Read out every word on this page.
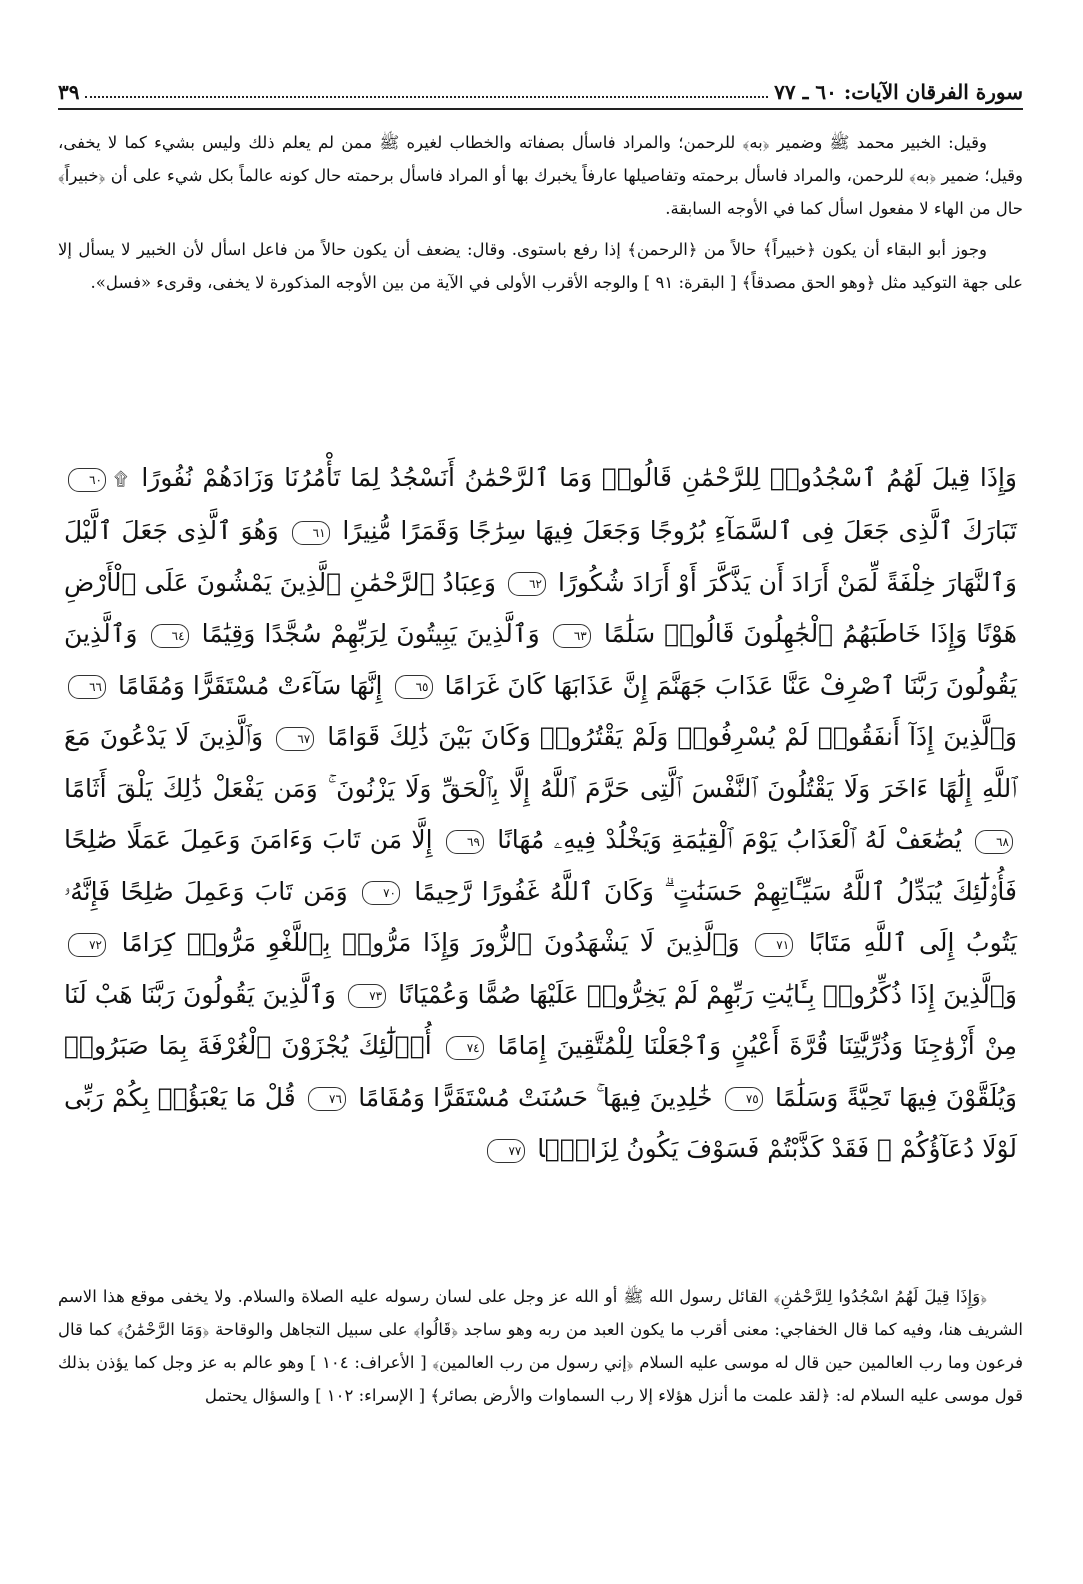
سورة الفرقان الآيات: ٦٠ ـ ٧٧
٣٩

وقيل: الخبير محمد ﷺ وضمير ﴿به﴾ للرحمن؛ والمراد فاسأل بصفاته والخطاب لغيره ﷺ ممن لم يعلم ذلك وليس بشيء كما لا يخفى، وقيل؛ ضمير ﴿به﴾ للرحمن، والمراد فاسأل برحمته وتفاصيلها عارفاً يخبرك بها أو المراد فاسأل برحمته حال كونه عالماً بكل شيء على أن ﴿خبيراً﴾ حال من الهاء لا مفعول اسأل كما في الأوجه السابقة.

وجوز أبو البقاء أن يكون ﴿خبيراً﴾ حالاً من ﴿الرحمن﴾ إذا رفع باستوى. وقال: يضعف أن يكون حالاً من فاعل اسأل لأن الخبير لا يسأل إلا على جهة التوكيد مثل ﴿وهو الحق مصدقاً﴾ [ البقرة: ٩١ ] والوجه الأقرب الأولى في الآية من بين الأوجه المذكورة لا يخفى، وقرىء «فسل».

وَإِذَا قِيلَ لَهُمُ ٱسْجُدُوا۟ لِلرَّحْمَٰنِ قَالُوا۟ وَمَا ٱلرَّحْمَٰنُ أَنَسْجُدُ لِمَا تَأْمُرُنَا وَزَادَهُمْ نُفُورًا ۩٦٠ تَبَارَكَ ٱلَّذِى جَعَلَ فِى ٱلسَّمَآءِ بُرُوجًا وَجَعَلَ فِيهَا سِرَٰجًا وَقَمَرًا مُّنِيرًا ٦١ وَهُوَ ٱلَّذِى جَعَلَ ٱلَّيْلَ وَٱلنَّهَارَ خِلْفَةً لِّمَنْ أَرَادَ أَن يَذَّكَّرَ أَوْ أَرَادَ شُكُورًا ٦٢ وَعِبَادُ ٱلرَّحْمَٰنِ ٱلَّذِينَ يَمْشُونَ عَلَى ٱلْأَرْضِ هَوْنًا وَإِذَا خَاطَبَهُمُ ٱلْجَٰهِلُونَ قَالُوا۟ سَلَٰمًا ٦٣ وَٱلَّذِينَ يَبِيتُونَ لِرَبِّهِمْ سُجَّدًا وَقِيَٰمًا ٦٤ وَٱلَّذِينَ يَقُولُونَ رَبَّنَا ٱصْرِفْ عَنَّا عَذَابَ جَهَنَّمَ إِنَّ عَذَابَهَا كَانَ غَرَامًا ٦٥ إِنَّهَا سَآءَتْ مُسْتَقَرًّا وَمُقَامًا ٦٦ وَٱلَّذِينَ إِذَآ أَنفَقُوا۟ لَمْ يُسْرِفُوا۟ وَلَمْ يَقْتُرُوا۟ وَكَانَ بَيْنَ ذَٰلِكَ قَوَامًا ٦٧ وَٱلَّذِينَ لَا يَدْعُونَ مَعَ ٱللَّهِ إِلَٰهًا ءَاخَرَ وَلَا يَقْتُلُونَ ٱلنَّفْسَ ٱلَّتِى حَرَّمَ ٱللَّهُ إِلَّا بِٱلْحَقِّ وَلَا يَزْنُونَ ۚ وَمَن يَفْعَلْ ذَٰلِكَ يَلْقَ أَثَامًا ٦٨ يُضَٰعَفْ لَهُ ٱلْعَذَابُ يَوْمَ ٱلْقِيَٰمَةِ وَيَخْلُدْ فِيهِۦ مُهَانًا ٦٩ إِلَّا مَن تَابَ وَءَامَنَ وَعَمِلَ عَمَلًا صَٰلِحًا فَأُو۟لَٰٓئِكَ يُبَدِّلُ ٱللَّهُ سَيِّـَٔاتِهِمْ حَسَنَٰتٍ ۗ وَكَانَ ٱللَّهُ غَفُورًا رَّحِيمًا ٧٠ وَمَن تَابَ وَعَمِلَ صَٰلِحًا فَإِنَّهُۥ يَتُوبُ إِلَى ٱللَّهِ مَتَابًا ٧١ وَٱلَّذِينَ لَا يَشْهَدُونَ ٱلزُّورَ وَإِذَا مَرُّوا۟ بِٱللَّغْوِ مَرُّوا۟ كِرَامًا ٧٢ وَٱلَّذِينَ إِذَا ذُكِّرُوا۟ بِـَٔايَٰتِ رَبِّهِمْ لَمْ يَخِرُّوا۟ عَلَيْهَا صُمًّا وَعُمْيَانًا ٧٣ وَٱلَّذِينَ يَقُولُونَ رَبَّنَا هَبْ لَنَا مِنْ أَزْوَٰجِنَا وَذُرِّيَّٰتِنَا قُرَّةَ أَعْيُنٍ وَٱجْعَلْنَا لِلْمُتَّقِينَ إِمَامًا ٧٤ أُو۟لَٰٓئِكَ يُجْزَوْنَ ٱلْغُرْفَةَ بِمَا صَبَرُوا۟ وَيُلَقَّوْنَ فِيهَا تَحِيَّةً وَسَلَٰمًا ٧٥ خَٰلِدِينَ فِيهَا ۚ حَسُنَتْ مُسْتَقَرًّا وَمُقَامًا ٧٦ قُلْ مَا يَعْبَؤُا۟ بِكُمْ رَبِّى لَوْلَا دُعَآؤُكُمْ ۖ فَقَدْ كَذَّبْتُمْ فَسَوْفَ يَكُونُ لِزَامًۢا ٧٧

﴿وَإِذَا قِيلَ لَهُمُ اسْجُدُوا لِلرَّحْمَٰنِ﴾ القائل رسول الله ﷺ أو الله عز وجل على لسان رسوله عليه الصلاة والسلام. ولا يخفى موقع هذا الاسم الشريف هنا، وفيه كما قال الخفاجي: معنى أقرب ما يكون العبد من ربه وهو ساجد ﴿قَالُوا﴾ على سبيل التجاهل والوقاحة ﴿وَمَا الرَّحْمَٰنُ﴾ كما قال فرعون وما رب العالمين حين قال له موسى عليه السلام ﴿إني رسول من رب العالمين﴾ [ الأعراف: ١٠٤ ] وهو عالم به عز وجل كما يؤذن بذلك قول موسى عليه السلام له: ﴿لقد علمت ما أنزل هؤلاء إلا رب السماوات والأرض بصائر﴾ [ الإسراء: ١٠٢ ] والسؤال يحتمل
